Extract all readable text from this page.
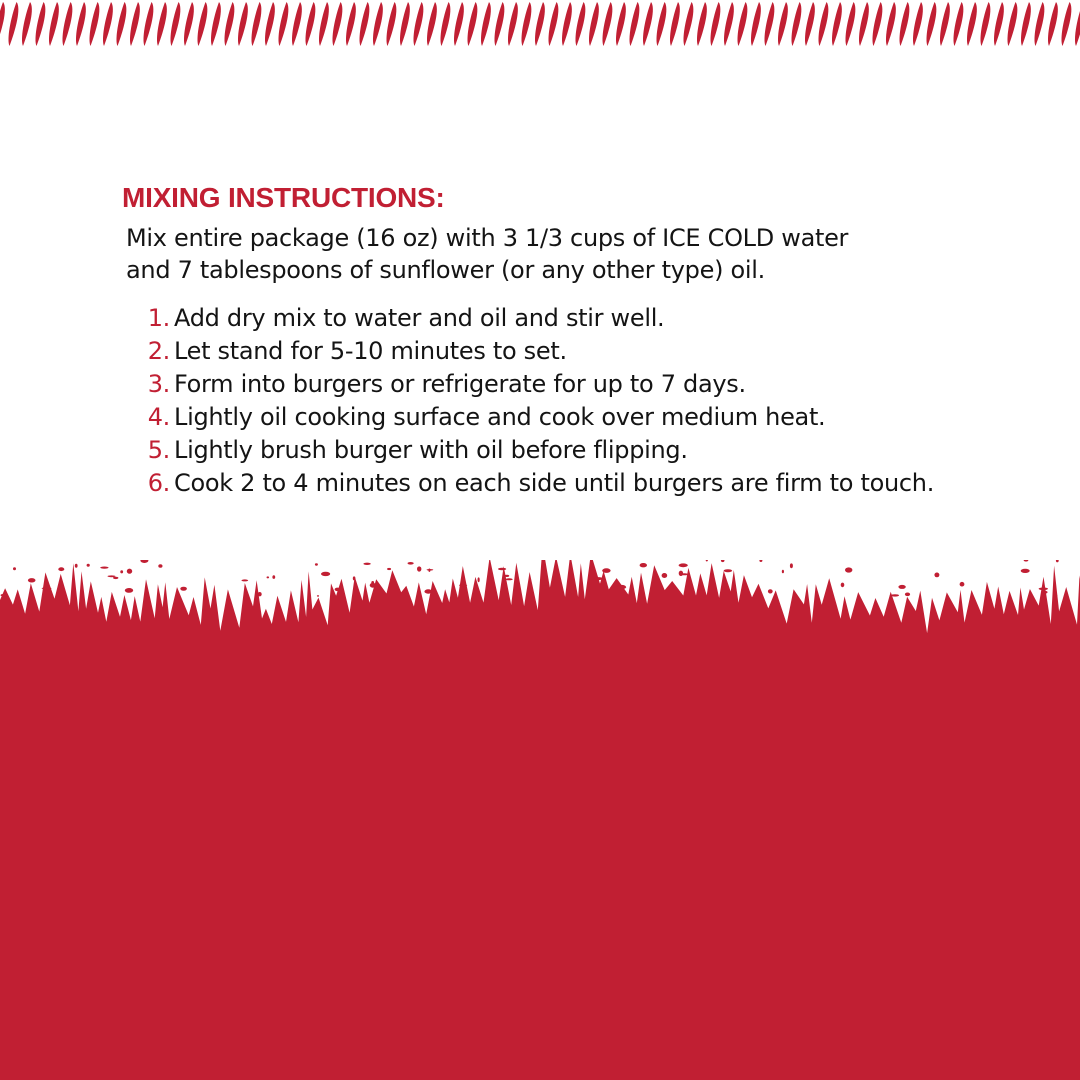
MIXING INSTRUCTIONS:
Mix entire package (16 oz) with 3 1/3 cups of ICE COLD water
and 7 tablespoons of sunflower (or any other type) oil.
1. Add dry mix to water and oil and stir well.
2. Let stand for 5-10 minutes to set.
3. Form into burgers or refrigerate for up to 7 days.
4. Lightly oil cooking surface and cook over medium heat.
5. Lightly brush burger with oil before flipping.
6. Cook 2 to 4 minutes on each side until burgers are firm to touch.
